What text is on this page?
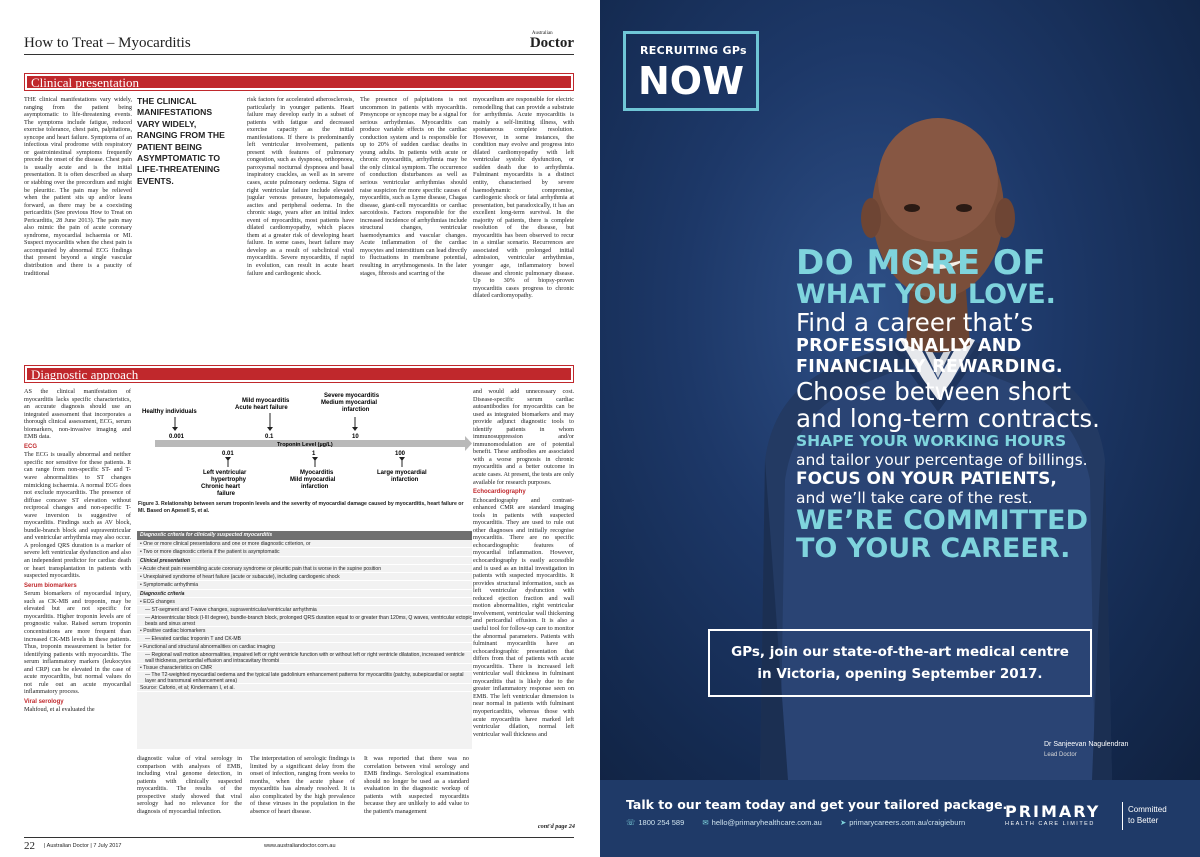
How to Treat – Myocarditis
Australian
Doctor
Clinical presentation

THE clinical manifestations vary widely, ranging from the patient being asymptomatic to life-threatening events. The symptoms include fatigue, reduced exercise tolerance, chest pain, palpitations, syncope and heart failure. Symptoms of an infectious viral prodrome with respiratory or gastrointestinal symptoms frequently precede the onset of the disease. Chest pain is usually acute and is the initial presentation. It is often described as sharp or stabbing over the precordium and might be pleuritic. The pain may be relieved when the patient sits up and/or leans forward, as there may be a coexisting pericarditis (See previous How to Treat on Pericarditis, 28 June 2013). The pain may also mimic the pain of acute coronary syndrome, myocardial ischaemia or MI. Suspect myocarditis when the chest pain is accompanied by abnormal ECG findings that present beyond a single vascular distribution and there is a paucity of traditional

THE CLINICAL MANIFESTATIONS VARY WIDELY, RANGING FROM THE PATIENT BEING ASYMPTOMATIC TO LIFE-THREATENING EVENTS.

risk factors for accelerated atherosclerosis, particularly in younger patients. Heart failure may develop early in a subset of patients with fatigue and decreased exercise capacity as the initial manifestations. If there is predominantly left ventricular involvement, patients present with features of pulmonary congestion, such as dyspnoea, orthopnoea, paroxysmal nocturnal dyspnoea and basal inspiratory crackles, as well as in severe cases, acute pulmonary oedema. Signs of right ventricular failure include elevated jugular venous pressure, hepatomegaly, ascites and peripheral oedema. In the chronic stage, years after an initial index event of myocarditis, most patients have dilated cardiomyopathy, which places them at a greater risk of developing heart failure. In some cases, heart failure may develop as a result of subclinical viral myocarditis. Severe myocarditis, if rapid in evolution, can result in acute heart failure and cardiogenic shock.

The presence of palpitations is not uncommon in patients with myocarditis. Presyncope or syncope may be a signal for serious arrhythmias. Myocarditis can produce variable effects on the cardiac conduction system and is responsible for up to 20% of sudden cardiac deaths in young adults. In patients with acute or chronic myocarditis, arrhythmia may be the only clinical symptom. The occurrence of conduction disturbances as well as serious ventricular arrhythmias should raise suspicion for more specific causes of myocarditis, such as Lyme disease, Chagas disease, giant-cell myocarditis or cardiac sarcoidosis. Factors responsible for the increased incidence of arrhythmias include structural changes, ventricular haemodynamics and vascular changes. Acute inflammation of the cardiac myocytes and interstitium can lead directly to fluctuations in membrane potential, resulting in arrythmogenesis. In the later stages, fibrosis and scarring of the

myocardium are responsible for electric remodelling that can provide a substrate for arrhythmia. Acute myocarditis is mainly a self-limiting illness, with spontaneous complete resolution. However, in some instances, the condition may evolve and progress into dilated cardiomyopathy with left ventricular systolic dysfunction, or sudden death due to arrhythmia. Fulminant myocarditis is a distinct entity, characterised by severe haemodynamic compromise, cardiogenic shock or fatal arrhythmia at presentation, but paradoxically, it has an excellent long-term survival. In the majority of patients, there is complete resolution of the disease, but myocarditis has been observed to recur in a similar scenario. Recurrences are associated with prolonged initial admission, ventricular arrhythmias, younger age, inflammatory bowel disease and chronic pulmonary disease. Up to 30% of biopsy-proven myocarditis cases progress to chronic dilated cardiomyopathy.

Diagnostic approach

AS the clinical manifestation of myocarditis lacks specific characteristics, an accurate diagnosis should use an integrated assessment that incorporates a thorough clinical assessment, ECG, serum biomarkers, non-invasive imaging and EMB data.

ECG

The ECG is usually abnormal and neither specific nor sensitive for these patients. It can range from non-specific ST- and T-wave abnormalities to ST changes mimicking ischaemia. A normal ECG does not exclude myocarditis. The presence of diffuse concave ST elevation without reciprocal changes and non-specific T-wave inversion is suggestive of myocarditis. Findings such as AV block, bundle-branch block and supraventricular and ventricular arrhythmia may also occur. A prolonged QRS duration is a marker of severe left ventricular dysfunction and also an independent predictor for cardiac death or heart transplantation in patients with suspected myocarditis.

Serum biomarkers

Serum biomarkers of myocardial injury, such as CK-MB and troponin, may be elevated but are not specific for myocarditis. Higher troponin levels are of prognostic value. Raised serum troponin concentrations are more frequent than increased CK-MB levels in these patients. Thus, troponin measurement is better for identifying patients with myocarditis. The serum inflammatory markers (leukocytes and CRP) can be elevated in the case of acute myocarditis, but normal values do not rule out an acute myocardial inflammatory process.

Viral serology

Mahfoud, et al evaluated the

Healthy individuals
Mild myocarditis Acute heart failure
Severe myocarditis Medium myocardial infarction
0.001	0.1	10
Troponin Level (µg/L)
0.01	1	100
Left ventricular hypertrophy Chronic heart failure
Myocarditis Mild myocardial infarction
Large myocardial infarction
Figure 3. Relationship between serum troponin levels and the severity of myocardial damage caused by myocarditis, heart failure or MI. Based on Apesell S, et al.
Diagnostic criteria for clinically suspected myocarditis
• One or more clinical presentations and one or more diagnostic criterion, or
• Two or more diagnostic criteria if the patient is asymptomatic
Clinical presentation
• Acute chest pain resembling acute coronary syndrome or pleuritic pain that is worse in the supine position
• Unexplained syndrome of heart failure (acute or subacute), including cardiogenic shock
• Symptomatic arrhythmia
Diagnostic criteria
• ECG changes
— ST-segment and T-wave changes, supraventricular/ventricular arrhythmia
— Atrioventricular block (I-III degree), bundle-branch block, prolonged QRS duration equal to or greater than 120ms, Q waves, ventricular ectopic beats and sinus arrest
• Positive cardiac biomarkers
— Elevated cardiac troponin T and CK-MB
• Functional and structural abnormalities on cardiac imaging
— Regional wall motion abnormalities, impaired left or right ventricle function with or without left or right ventricle dilatation, increased ventricle wall thickness, pericardial effusion and intracavitary thrombi
• Tissue characteristics on CMR
— The T2-weighted myocardial oedema and the typical late gadolinium enhancement patterns for myocarditis (patchy, subepicardial or septal layer and transmural enhancement area)
Source: Caforio, et al; Kindermann I, et al.

and would add unnecessary cost. Disease-specific serum cardiac autoantibodies for myocarditis can be used as integrated biomarkers and may provide adjunct diagnostic tools to identify patients in whom immunosuppression and/or immunomodulation are of potential benefit. These antibodies are associated with a worse prognosis in chronic myocarditis and a better outcome in acute cases. At present, the tests are only available for research purposes.

Echocardiography

Echocardiography and contrast-enhanced CMR are standard imaging tools in patients with suspected myocarditis. They are used to rule out other diagnoses and initially recognise myocarditis. There are no specific echocardiographic features of myocardial inflammation. However, echocardiography is easily accessible and is used as an initial investigation in patients with suspected myocarditis. It provides structural information, such as left ventricular dysfunction with reduced ejection fraction and wall motion abnormalities, right ventricular involvement, ventricular wall thickening and pericardial effusion. It is also a useful tool for follow-up care to monitor the abnormal parameters. Patients with fulminant myocarditis have an echocardiographic presentation that differs from that of patients with acute myocarditis. There is increased left ventricular wall thickness in fulminant myocarditis that is likely due to the greater inflammatory response seen on EMB. The left ventricular dimension is near normal in patients with fulminant myopericarditis, whereas those with acute myocarditis have marked left ventricular dilation, normal left ventricular wall thickness and

cont'd page 24

diagnostic value of viral serology in comparison with analyses of EMB, including viral genome detection, in patients with clinically suspected myocarditis. The results of the prospective study showed that viral serology had no relevance for the diagnosis of myocardial infection.

The interpretation of serologic findings is limited by a significant delay from the onset of infection, ranging from weeks to months, when the acute phase of myocarditis has already resolved. It is also complicated by the high prevalence of these viruses in the population in the absence of heart disease.

It was reported that there was no correlation between viral serology and EMB findings. Serological examinations should no longer be used as a standard evaluation in the diagnostic workup of patients with suspected myocarditis because they are unlikely to add value to the patient's management

22 | Australian Doctor | 7 July 2017	www.australiandoctor.com.au
RECRUITING GPs
NOW
DO MORE OF
WHAT YOU LOVE.
Find a career that’s
PROFESSIONALLY AND
FINANCIALLY REWARDING.
Choose between short
and long-term contracts.
SHAPE YOUR WORKING HOURS
and tailor your percentage of billings.
FOCUS ON YOUR PATIENTS,
and we’ll take care of the rest.
WE’RE COMMITTED
TO YOUR CAREER.
GPs, join our state-of-the-art medical centre
in Victoria, opening September 2017.
Dr Sanjeevan Nagulendran
Lead Doctor
Talk to our team today and get your tailored package.
☏ 1800 254 589 ✉ hello@primaryhealthcare.com.au ➤ primarycareers.com.au/craigieburn
PRIMARY
HEALTH CARE LIMITED
Committed
to Better
